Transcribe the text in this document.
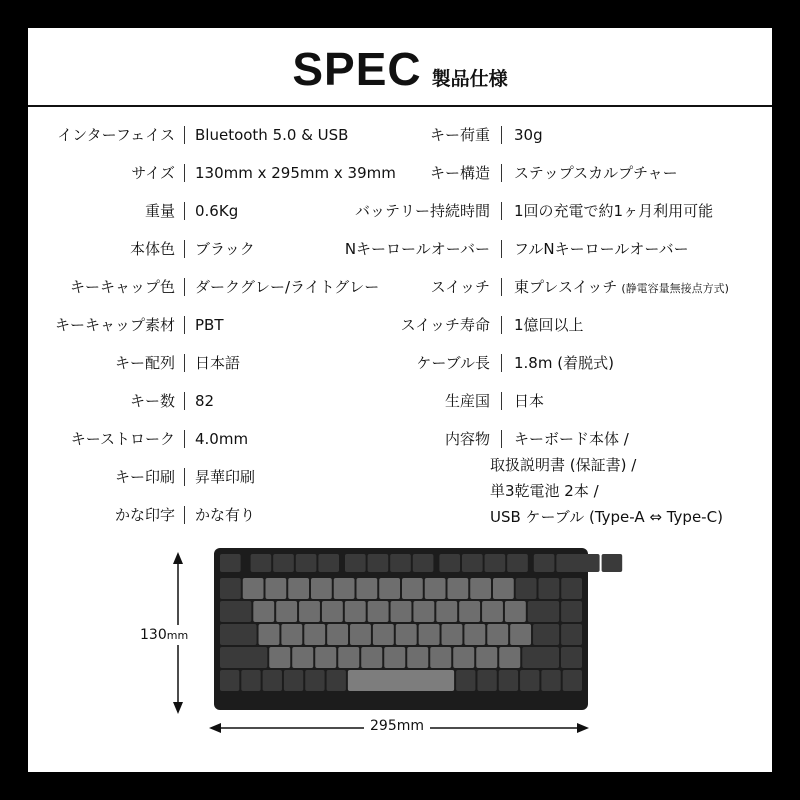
SPEC 製品仕様
インターフェイス Bluetooth 5.0 & USB
サイズ 130mm x 295mm x 39mm
重量 0.6Kg
本体色 ブラック
キーキャップ色 ダークグレー/ライトグレー
キーキャップ素材 PBT
キー配列 日本語
キー数 82
キーストローク 4.0mm
キー印刷 昇華印刷
かな印字 かな有り
キー荷重 30g
キー構造 ステップスカルプチャー
バッテリー持続時間 1回の充電で約1ヶ月利用可能
Nキーロールオーバー フルNキーロールオーバー
スイッチ 東プレスイッチ (静電容量無接点方式)
スイッチ寿命 1億回以上
ケーブル長 1.8m (着脱式)
生産国 日本
内容物 キーボード本体 /
取扱説明書 (保証書) /
単3乾電池 2本 /
USB ケーブル (Type-A ⇔ Type-C)
130mm
295mm
